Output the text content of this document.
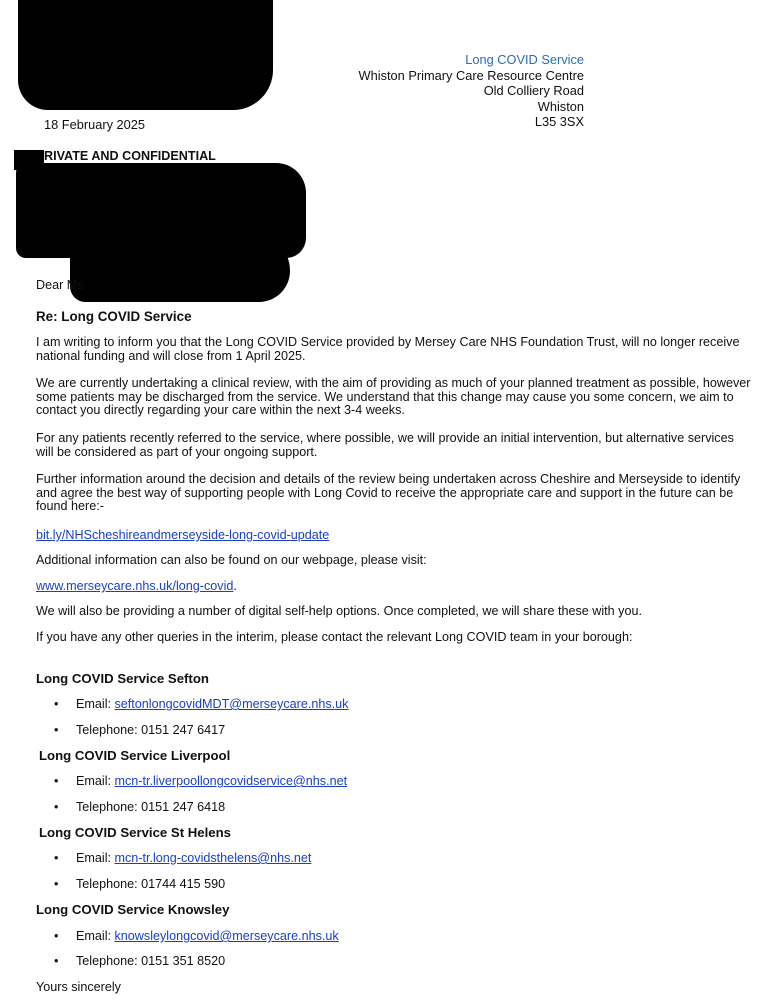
Long COVID Service
Whiston Primary Care Resource Centre
Old Colliery Road
Whiston
L35 3SX
18 February 2025
RIVATE AND CONFIDENTIAL
Dear Ms
Re: Long COVID Service
I am writing to inform you that the Long COVID Service provided by Mersey Care NHS Foundation Trust, will no longer receive national funding and will close from 1 April 2025.
We are currently undertaking a clinical review, with the aim of providing as much of your planned treatment as possible, however some patients may be discharged from the service. We understand that this change may cause you some concern, we aim to contact you directly regarding your care within the next 3-4 weeks.
For any patients recently referred to the service, where possible, we will provide an initial intervention, but alternative services will be considered as part of your ongoing support.
Further information around the decision and details of the review being undertaken across Cheshire and Merseyside to identify and agree the best way of supporting people with Long Covid to receive the appropriate care and support in the future can be found here:-
bit.ly/NHScheshireandmerseyside-long-covid-update
Additional information can also be found on our webpage, please visit:
www.merseycare.nhs.uk/long-covid.
We will also be providing a number of digital self-help options. Once completed, we will share these with you.
If you have any other queries in the interim, please contact the relevant Long COVID team in your borough:
Long COVID Service Sefton
• Email: seftonlongcovidMDT@merseycare.nhs.uk
• Telephone: 0151 247 6417
Long COVID Service Liverpool
• Email: mcn-tr.liverpoollongcovidservice@nhs.net
• Telephone: 0151 247 6418
Long COVID Service St Helens
• Email: mcn-tr.long-covidsthelens@nhs.net
• Telephone: 01744 415 590
Long COVID Service Knowsley
• Email: knowsleylongcovid@merseycare.nhs.uk
• Telephone: 0151 351 8520
Yours sincerely
